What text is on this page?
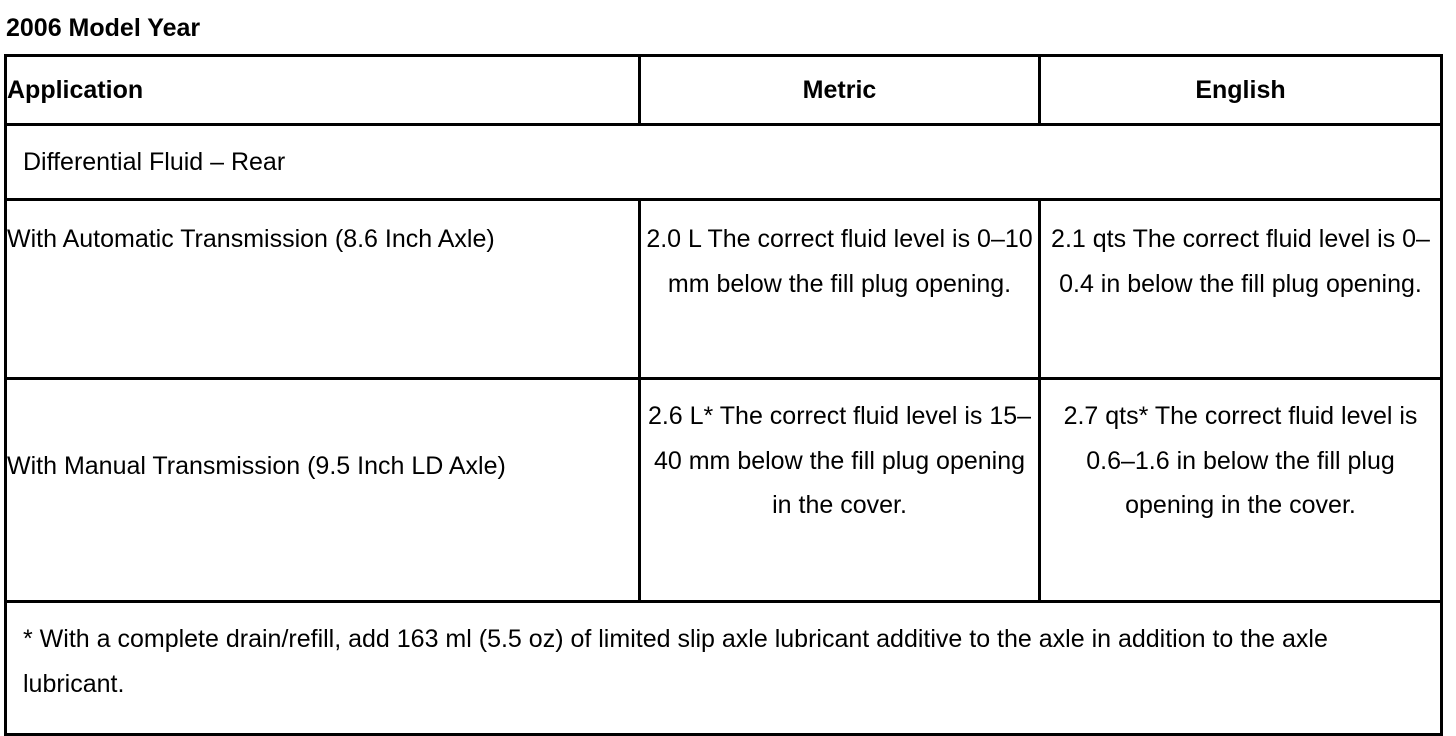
2006 Model Year
Application	Metric	English
Differential Fluid – Rear		
With Automatic Transmission (8.6 Inch Axle)	2.0 L The correct fluid level is 0–10 mm below the fill plug opening.	2.1 qts The correct fluid level is 0–0.4 in below the fill plug opening.

With Manual Transmission (9.5 Inch LD Axle)	2.6 L* The correct fluid level is 15–40 mm below the fill plug opening in the cover.	2.7 qts* The correct fluid level is 0.6–1.6 in below the fill plug opening in the cover.
* With a complete drain/refill, add 163 ml (5.5 oz) of limited slip axle lubricant additive to the axle in addition to the axle lubricant.		
